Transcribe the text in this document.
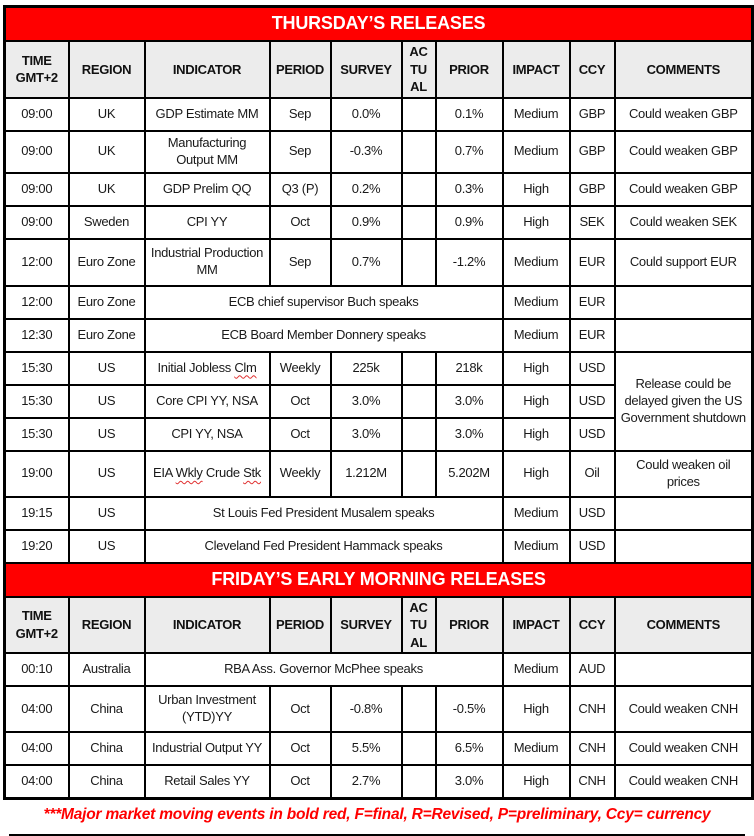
THURSDAY’S RELEASES									
TIME GMT+2	REGION	INDICATOR	PERIOD	SURVEY	ACTUAL	PRIOR	IMPACT	CCY	COMMENTS
09:00	UK	GDP Estimate MM	Sep	0.0%		0.1%	Medium	GBP	Could weaken GBP
09:00	UK	Manufacturing Output MM	Sep	-0.3%		0.7%	Medium	GBP	Could weaken GBP
09:00	UK	GDP Prelim QQ	Q3 (P)	0.2%		0.3%	High	GBP	Could weaken GBP
09:00	Sweden	CPI YY	Oct	0.9%		0.9%	High	SEK	Could weaken SEK
12:00	Euro Zone	Industrial Production MM	Sep	0.7%		-1.2%	Medium	EUR	Could support EUR
12:00	Euro Zone	ECB chief supervisor Buch speaks					Medium	EUR	
12:30	Euro Zone	ECB Board Member Donnery speaks					Medium	EUR	
15:30	US	Initial Jobless Clm	Weekly	225k		218k	High	USD	Release could be delayed given the US Government shutdown
15:30	US	Core CPI YY, NSA	Oct	3.0%		3.0%	High	USD	
15:30	US	CPI YY, NSA	Oct	3.0%		3.0%	High	USD	
19:00	US	EIA Wkly Crude Stk	Weekly	1.212M		5.202M	High	Oil	Could weaken oil prices
19:15	US	St Louis Fed President Musalem speaks					Medium	USD	
19:20	US	Cleveland Fed President Hammack speaks					Medium	USD	
FRIDAY’S EARLY MORNING RELEASES									
TIME GMT+2	REGION	INDICATOR	PERIOD	SURVEY	ACTUAL	PRIOR	IMPACT	CCY	COMMENTS
00:10	Australia	RBA Ass. Governor McPhee speaks					Medium	AUD	
04:00	China	Urban Investment (YTD)YY	Oct	-0.8%		-0.5%	High	CNH	Could weaken CNH
04:00	China	Industrial Output YY	Oct	5.5%		6.5%	Medium	CNH	Could weaken CNH
04:00	China	Retail Sales YY	Oct	2.7%		3.0%	High	CNH	Could weaken CNH
***Major market moving events in bold red, F=final, R=Revised, P=preliminary, Ccy= currency
